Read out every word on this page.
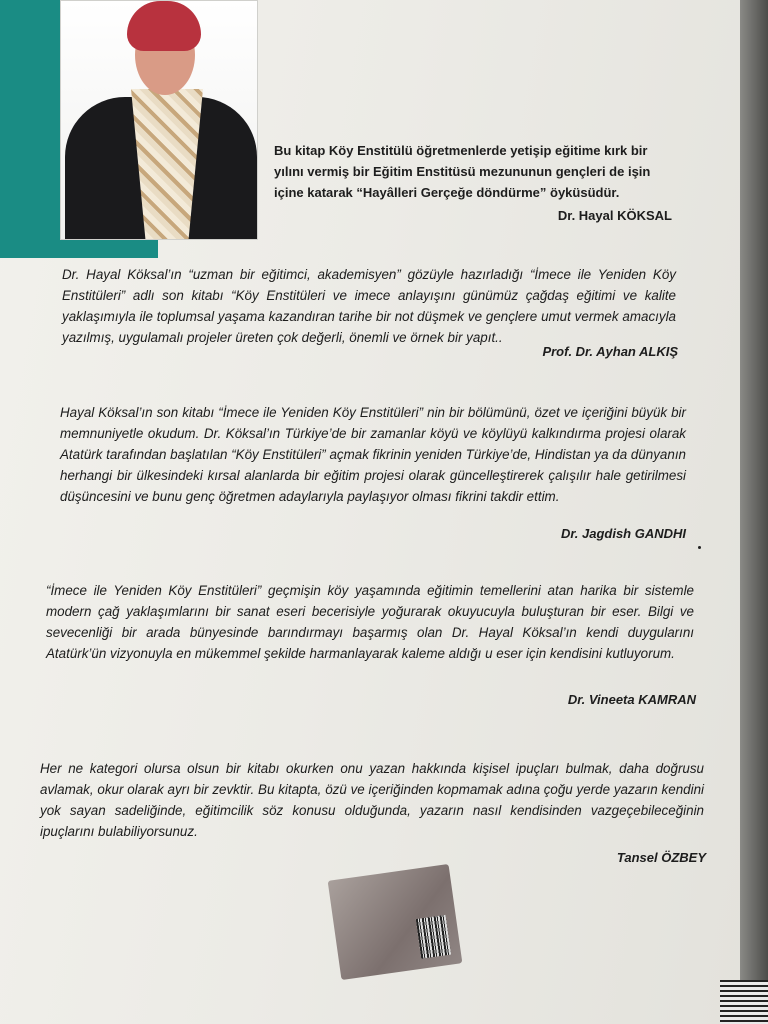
Bu kitap Köy Enstitülü öğretmenlerde yetişip eğitime kırk bir yılını vermiş bir Eğitim Enstitüsü mezununun gençleri de işin içine katarak “Hayâlleri Gerçeğe döndürme” öyküsüdür.

Dr. Hayal KÖKSAL

Dr. Hayal Köksal’ın “uzman bir eğitimci, akademisyen” gözüyle hazırladığı “İmece ile Yeniden Köy Enstitüleri” adlı son kitabı “Köy Enstitüleri ve imece anlayışını günümüz çağdaş eğitimi ve kalite yaklaşımıyla ile toplumsal yaşama kazandıran tarihe bir not düşmek ve gençlere umut vermek amacıyla yazılmış, uygulamalı projeler üreten çok değerli, önemli ve örnek bir yapıt..

Prof. Dr. Ayhan ALKIŞ

Hayal Köksal’ın son kitabı “İmece ile Yeniden Köy Enstitüleri” nin bir bölümünü, özet ve içeriğini büyük bir memnuniyetle okudum. Dr. Köksal’ın Türkiye’de bir zamanlar köyü ve köylüyü kalkındırma projesi olarak Atatürk tarafından başlatılan “Köy Enstitüleri” açmak fikrinin yeniden Türkiye’de, Hindistan ya da dünyanın herhangi bir ülkesindeki kırsal alanlarda bir eğitim projesi olarak güncelleştirerek çalışılır hale getirilmesi düşüncesini ve bunu genç öğretmen adaylarıyla paylaşıyor olması fikrini takdir ettim.

Dr. Jagdish GANDHI

“İmece ile Yeniden Köy Enstitüleri” geçmişin köy yaşamında eğitimin temellerini atan harika bir sistemle modern çağ yaklaşımlarını bir sanat eseri becerisiyle yoğurarak okuyucuyla buluşturan bir eser. Bilgi ve sevecenliği bir arada bünyesinde barındırmayı başarmış olan Dr. Hayal Köksal’ın kendi duygularını Atatürk’ün vizyonuyla en mükemmel şekilde harmanlayarak kaleme aldığı u eser için kendisini kutluyorum.

Dr. Vineeta KAMRAN

Her ne kategori olursa olsun bir kitabı okurken onu yazan hakkında kişisel ipuçları bulmak, daha doğrusu avlamak, okur olarak ayrı bir zevktir. Bu kitapta, özü ve içeriğinden kopmamak adına çoğu yerde yazarın kendini yok sayan sadeliğinde, eğitimcilik söz konusu olduğunda, yazarın nasıl kendisinden vazgeçebileceğinin ipuçlarını bulabiliyorsunuz.

Tansel ÖZBEY
